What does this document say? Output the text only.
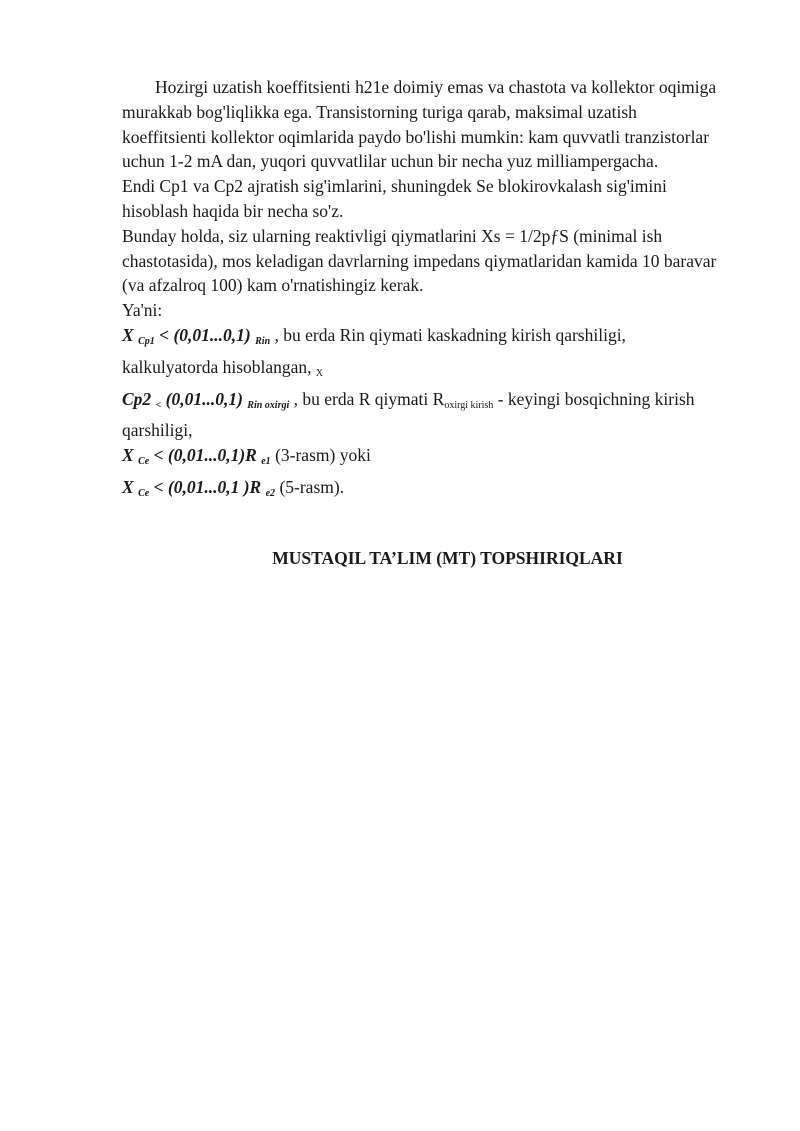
Hozirgi uzatish koeffitsienti h21e doimiy emas va chastota va kollektor oqimiga murakkab bog'liqlikka ega. Transistorning turiga qarab, maksimal uzatish koeffitsienti kollektor oqimlarida paydo bo'lishi mumkin: kam quvvatli tranzistorlar uchun 1-2 mA dan, yuqori quvvatlilar uchun bir necha yuz milliampergacha.

Endi Cp1 va Cp2 ajratish sig'imlarini, shuningdek Se blokirovkalash sig'imini hisoblash haqida bir necha so'z.

Bunday holda, siz ularning reaktivligi qiymatlarini Xs = 1/2pƒS (minimal ish chastotasida), mos keladigan davrlarning impedans qiymatlaridan kamida 10 baravar (va afzalroq 100) kam o'rnatishingiz kerak.

Ya'ni:

X $_{Cp1}$ < (0,01...0,1) $_{Rin}$ , bu erda Rin qiymati kaskadning kirish qarshiligi, kalkulyatorda hisoblangan, X

Cp2 $_<$ (0,01...0,1) $_{Rin oxirgi}$ , bu erda R qiymati Roxirgi kirish - keyingi bosqichning kirish qarshiligi,

X $_{Ce}$ < (0,01...0,1)R $_{e1}$ (3-rasm) yoki

X $_{Ce}$ < (0,01...0,1 )R $_{e2}$ (5-rasm).

MUSTAQIL TA’LIM (MT) TOPSHIRIQLARI
